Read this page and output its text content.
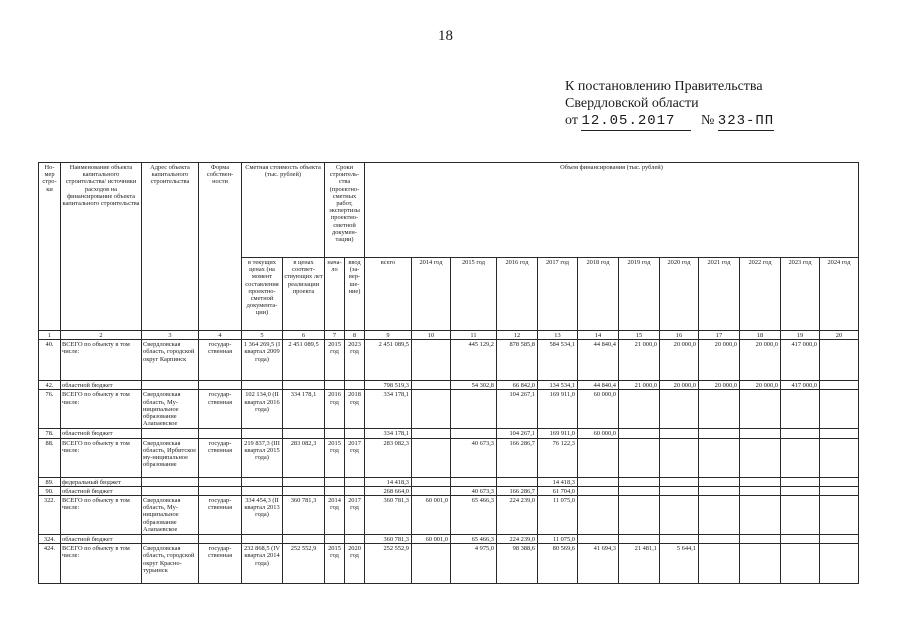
18
К постановлению Правительства
Свердловской области
от 12.05.2017 № 323-ПП
Но-мер стро-ки	Наименование объекта капитального строительства/ источники расходов на финансирование объекта капитального строительства	Адрес объекта капитального строительства	Форма собствен-ности	Сметная стоимость объекта (тыс. рублей)		Сроки строитель-ства (проектно-сметных работ, экспертизы проектно-сметной докумен-тации)		Объем финансирования (тыс. рублей)											
				в текущих ценах (на момент составления проектно-сметной документа-ции)	в ценах соответ-ствующих лет реализации проекта	нача-ло	ввод (за-вер-ше-ние)	всего	2014 год	2015 год	2016 год	2017 год	2018 год	2019 год	2020 год	2021 год	2022 год	2023 год	2024 год
1	2	3	4	5	6	7	8	9	10	11	12	13	14	15	16	17	18	19	20
40.	ВСЕГО по объекту в том числе:	Свердловская область, городской округ Карпинск	государ-ственная	1 364 269,5 (I квартал 2009 года)	2 451 089,5	2015 год	2023 год	2 451 089,5		445 129,2	878 585,8	584 534,1	44 840,4	21 000,0	20 000,0	20 000,0	20 000,0	417 000,0	
42.	областной бюджет							798 519,3		54 302,8	66 842,0	134 534,1	44 840,4	21 000,0	20 000,0	20 000,0	20 000,0	417 000,0	
76.	ВСЕГО по объекту в том числе:	Свердловская область, Му-ниципальное образование Алапаевское	государ-ственная	102 134,0 (II квартал 2016 года)	334 178,1	2016 год	2018 год	334 178,1			104 267,1	169 911,0	60 000,0						
78.	областной бюджет							334 178,1			104 267,1	169 911,0	60 000,0						
88.	ВСЕГО по объекту в том числе:	Свердловская область, Ирбитское му-ниципальное образование	государ-ственная	219 837,3 (III квартал 2015 года)	283 082,3	2015 год	2017 год	283 082,3		40 673,3	166 286,7	76 122,3							
89.	федеральный бюджет							14 418,3				14 418,3							
90.	областной бюджет							268 664,0		40 673,3	166 286,7	61 704,0							
322.	ВСЕГО по объекту в том числе:	Свердловская область, Му-ниципальное образование Алапаевское	государ-ственная	334 454,3 (II квартал 2013 года)	360 781,3	2014 год	2017 год	360 781,3	60 001,0	65 466,3	224 239,0	11 075,0							
324.	областной бюджет							360 781,3	60 001,0	65 466,3	224 239,0	11 075,0							
424.	ВСЕГО по объекту в том числе:	Свердловская область, городской округ Красно-турьинск	государ-ственная	232 868,5 (IV квартал 2014 года)	252 552,9	2015 год	2020 год	252 552,9		4 975,0	98 388,6	80 569,6	41 694,3	21 481,1	5 644,1				
